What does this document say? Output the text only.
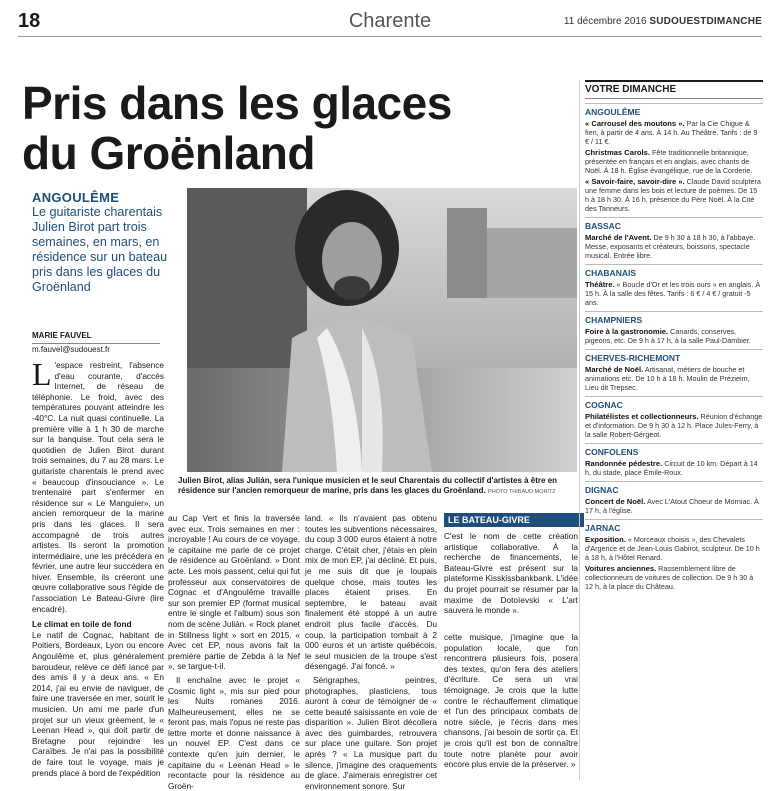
18	Charente	11 décembre 2016 SUDOUESTDIMANCHE
Pris dans les glaces
du Groënland
ANGOULÊME
Le guitariste charentais Julien Birot part trois semaines, en mars, en résidence sur un bateau pris dans les glaces du Groënland
MARIE FAUVEL
m.fauvel@sudouest.fr
Julien Birot, alias Julián, sera l'unique musicien et le seul Charentais du collectif d'artistes à être en résidence sur l'ancien remorqueur de marine, pris dans les glaces du Groënland. PHOTO THIBAUD MORITZ

L 'espace restreint, l'absence d'eau courante, d'accès Internet, de réseau de téléphonie. Le froid, avec des températures pouvant atteindre les -40°C. La nuit quasi continuelle. La première ville à 1 h 30 de marche sur la banquise. Tout cela sera le quotidien de Julien Birot durant trois semaines, du 7 au 28 mars. Le guitariste charentais le prend avec « beaucoup d'insouciance ». Le trentenaire part s'enfermer en résidence sur « Le Manguier», un ancien remorqueur de la marine pris dans les glaces. Il sera accompagné de trois autres artistes. Ils seront la promotion intermédiaire, une les précédera en février, une autre leur succédera en hiver. Ensemble, ils créeront une œuvre collaborative sous l'égide de l'association Le Bateau-Givre (lire encadré).

Le climat en toile de fond

Le natif de Cognac, habitant de Poitiers, Bordeaux, Lyon ou encore Angoulême et, plus généralement baroudeur, relève ce défi lancé par des amis il y a deux ans. « En 2014, j'ai eu envie de naviguer, de faire une traversée en mer, sourit le musicien. Un ami me parle d'un projet sur un vieux gréement, le « Leenan Head », qui doit partir de Bretagne pour rejoindre les Caraïbes. Je n'ai pas la possibilité de faire tout le voyage, mais je prends place à bord de l'expédition

au Cap Vert et finis la traversée avec eux. Trois semaines en mer : incroyable ! Au cours de ce voyage, le capitaine me parle de ce projet de résidence au Groënland. » Dont acte. Les mois passent, celui qui fut professeur aux conservatoires de Cognac et d'Angoulême travaille sur son premier EP (format musical entre le single et l'album) sous son nom de scène Julián. « Rock planet in Stillness light » sort en 2015. « Avec cet EP, nous avons fait la première partie de Zebda à la Nef », se targue-t-il.

Il enchaîne avec le projet « Cosmic light », mis sur pied pour les Nuits romanes 2016. Malheureusement, elles ne se feront pas, mais l'opus ne reste pas lettre morte et donne naissance à un nouvel EP. C'est dans ce contexte qu'en juin dernier, le capitaine du « Leenan Head » le recontacte pour la résidence au Groën-

land. « Ils n'avaient pas obtenu toutes les subventions nécessaires, du coup 3 000 euros étaient à notre charge. C'était cher, j'étais en plein mix de mon EP, j'ai décliné. Et puis, je me suis dit que je loupais quelque chose, mais toutes les places étaient prises. En septembre, le bateau avait finalement été stoppé à un autre endroit plus facile d'accès. Du coup, la participation tombait à 2 000 euros et un artiste québécois, le seul musicien de la troupe s'est désengagé. J'ai foncé. »

Sérigraphes, peintres, photographes, plasticiens, tous auront à cœur de témoigner de « cette beauté saisissante en voie de disparition ». Julien Birot décollera avec des guimbardes, retrouvera sur place une guitare. Son projet après ? « La musique part du silence, j'imagine des craquements de glace. J'aimerais enregistrer cet environnement sonore. Sur

LE BATEAU-GIVRE
C'est le nom de cette création artistique collaborative. À la recherche de financements, le Bateau-Givre est présent sur la plateforme Kisskissbankbank. L'idée du projet pourrait se résumer par la maxime de Dotoïevski « L'art sauvera le monde ».

cette musique, j'imagine que la population locale, que l'on rencontrera plusieurs fois, posera des textes, qu'on fera des ateliers d'écriture. Ce sera un vrai témoignage. Je crois que la lutte contre le réchauffement climatique et l'un des principaux combats de notre siècle, je l'écris dans mes chansons, j'ai besoin de sortir ça. Et je crois qu'il est bon de connaître toute notre planète pour avoir encore plus envie de la préserver. »

VOTRE DIMANCHE
ANGOULÊME
« Carrousel des moutons ». Par la Cie Chigue & fien, à partir de 4 ans. À 14 h. Au Théâtre. Tarifs : de 9 € / 11 €.
Christmas Carols. Fête traditionnelle britannique, présentée en français et en anglais, avec chants de Noël. À 18 h. Église évangélique, rue de la Corderie.
« Savoir-faire, savoir-dire ». Claude David sculptera une femme dans les bois et lecture de poèmes. De 15 h à 18 h 30. À 16 h, présence du Père Noël. À la Cité des Tanneurs.
BASSAC
Marché de l'Avent. De 9 h 30 à 18 h 30, à l'abbaye. Messe, exposants et créateurs, boissons, spectacle musical. Entrée libre.
CHABANAIS
Théâtre. « Boucle d'Or et les trois ours » en anglais. À 15 h. À la salle des fêtes. Tarifs : 6 € / 4 € / gratuit -5 ans.
CHAMPNIERS
Foire à la gastronomie. Canards, conserves, pigeons, etc. De 9 h à 17 h, à la salle Paul-Dambier.
CHERVES-RICHEMONT
Marché de Noël. Artisanat, métiers de bouche et animations etc. De 10 h à 18 h. Moulin de Prézieim, Lieu dit Trepsec.
COGNAC
Philatélistes et collectionneurs. Réunion d'échange et d'information. De 9 h 30 à 12 h. Place Jules-Ferry, à la salle Robert-Gérgeot.
CONFOLENS
Randonnée pédestre. Circuit de 10 km. Départ à 14 h, du stade, place Émile-Roux.
DIGNAC
Concert de Noël. Avec L'Atout Choeur de Morniac. À 17 h, à l'église.
JARNAC
Exposition. « Morceaux choisis », des Chevalets d'Argence et de Jean-Louis Gabirot, sculpteur. De 10 h à 18 h, à l'Hôtel Renard.
Voitures anciennes. Rassemblement libre de collectionneurs de voitures de collection. De 9 h 30 à 12 h, à la place du Château.
